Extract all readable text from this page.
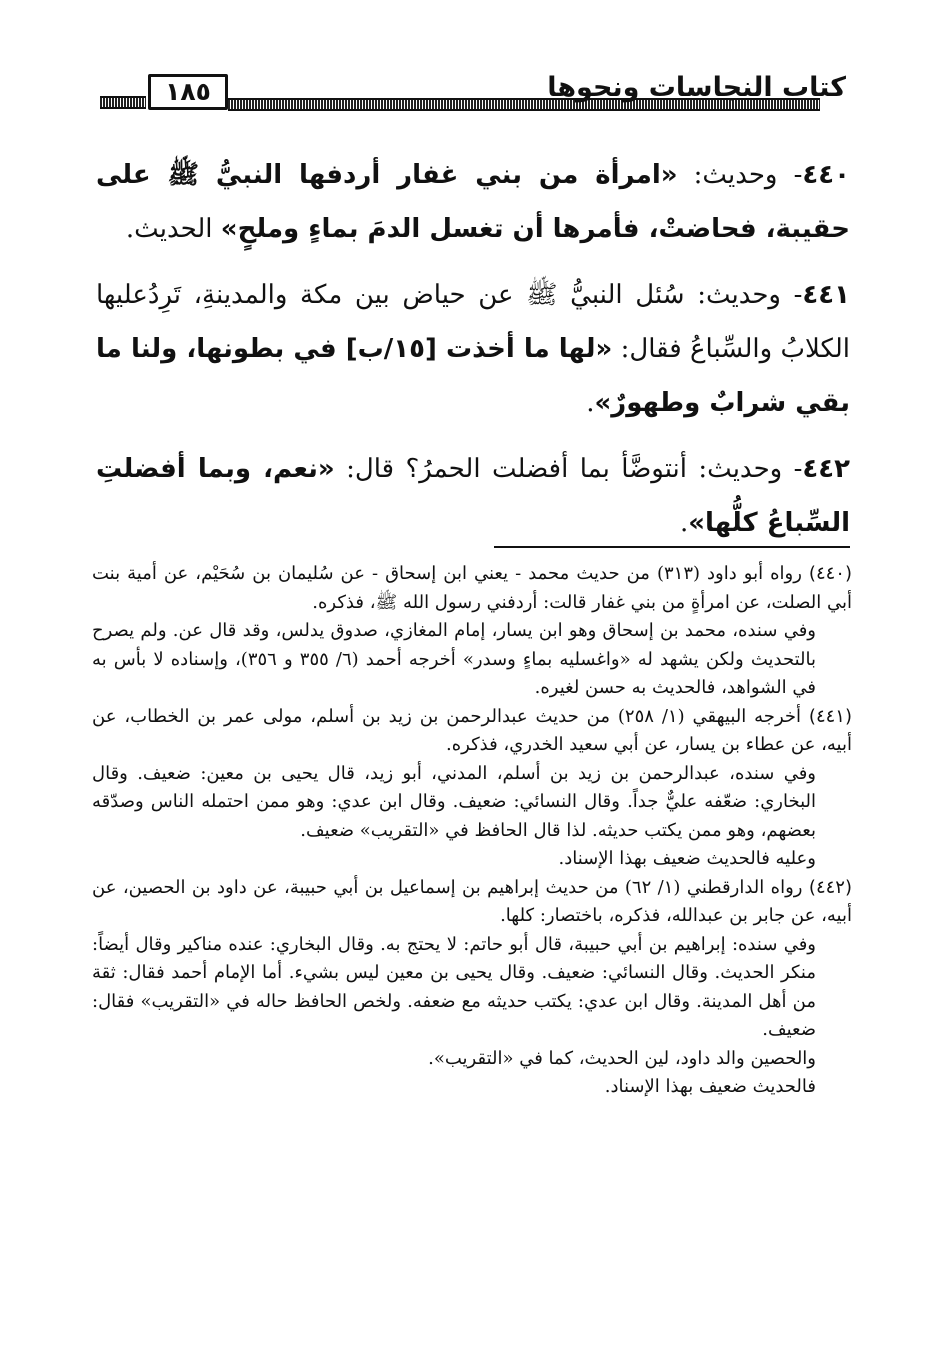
١٨٥	كتاب النجاسات ونحوها

٤٤٠- وحديث: «امرأة من بني غفار أردفها النبيُّ ﷺ على حقيبة، فحاضتْ، فأمرها أن تغسل الدمَ بماءٍ وملحٍ» الحديث.

٤٤١- وحديث: سُئل النبيُّ ﷺ عن حياض بين مكة والمدينةِ، تَرِدُعليها الكلابُ والسِّباعُ فقال: «لها ما أخذت [١٥/ب] في بطونها، ولنا ما بقي شرابٌ وطهورٌ».

٤٤٢- وحديث: أنتوضَّأ بما أفضلت الحمرُ؟ قال: «نعم، وبما أفضلتِ السِّباعُ كلُّها».

(٤٤٠) رواه أبو داود (٣١٣) من حديث محمد - يعني ابن إسحاق - عن سُليمان بن سُحَيْم، عن أمية بنت أبي الصلت، عن امرأةٍ من بني غفار قالت: أردفني رسول الله ﷺ، فذكره.

وفي سنده، محمد بن إسحاق وهو ابن يسار، إمام المغازي، صدوق يدلس، وقد قال عن. ولم يصرح بالتحديث ولكن يشهد له «واغسليه بماءٍ وسدر» أخرجه أحمد (٦/ ٣٥٥ و ٣٥٦)، وإسناده لا بأس به في الشواهد، فالحديث به حسن لغيره.

(٤٤١) أخرجه البيهقي (١/ ٢٥٨) من حديث عبدالرحمن بن زيد بن أسلم، مولى عمر بن الخطاب، عن أبيه، عن عطاء بن يسار، عن أبي سعيد الخدري، فذكره.

وفي سنده، عبدالرحمن بن زيد بن أسلم، المدني، أبو زيد، قال يحيى بن معين: ضعيف. وقال البخاري: ضعّفه عليٌّ جداً. وقال النسائي: ضعيف. وقال ابن عدي: وهو ممن احتمله الناس وصدّقه بعضهم، وهو ممن يكتب حديثه. لذا قال الحافظ في «التقريب» ضعيف.

وعليه فالحديث ضعيف بهذا الإسناد.

(٤٤٢) رواه الدارقطني (١/ ٦٢) من حديث إبراهيم بن إسماعيل بن أبي حبيبة، عن داود بن الحصين، عن أبيه، عن جابر بن عبدالله، فذكره، باختصار: كلها.

وفي سنده: إبراهيم بن أبي حبيبة، قال أبو حاتم: لا يحتج به. وقال البخاري: عنده مناكير وقال أيضاً: منكر الحديث. وقال النسائي: ضعيف. وقال يحيى بن معين ليس بشيء. أما الإمام أحمد فقال: ثقة من أهل المدينة. وقال ابن عدي: يكتب حديثه مع ضعفه. ولخص الحافظ حاله في «التقريب» فقال: ضعيف.

والحصين والد داود، لين الحديث، كما في «التقريب».

فالحديث ضعيف بهذا الإسناد.
